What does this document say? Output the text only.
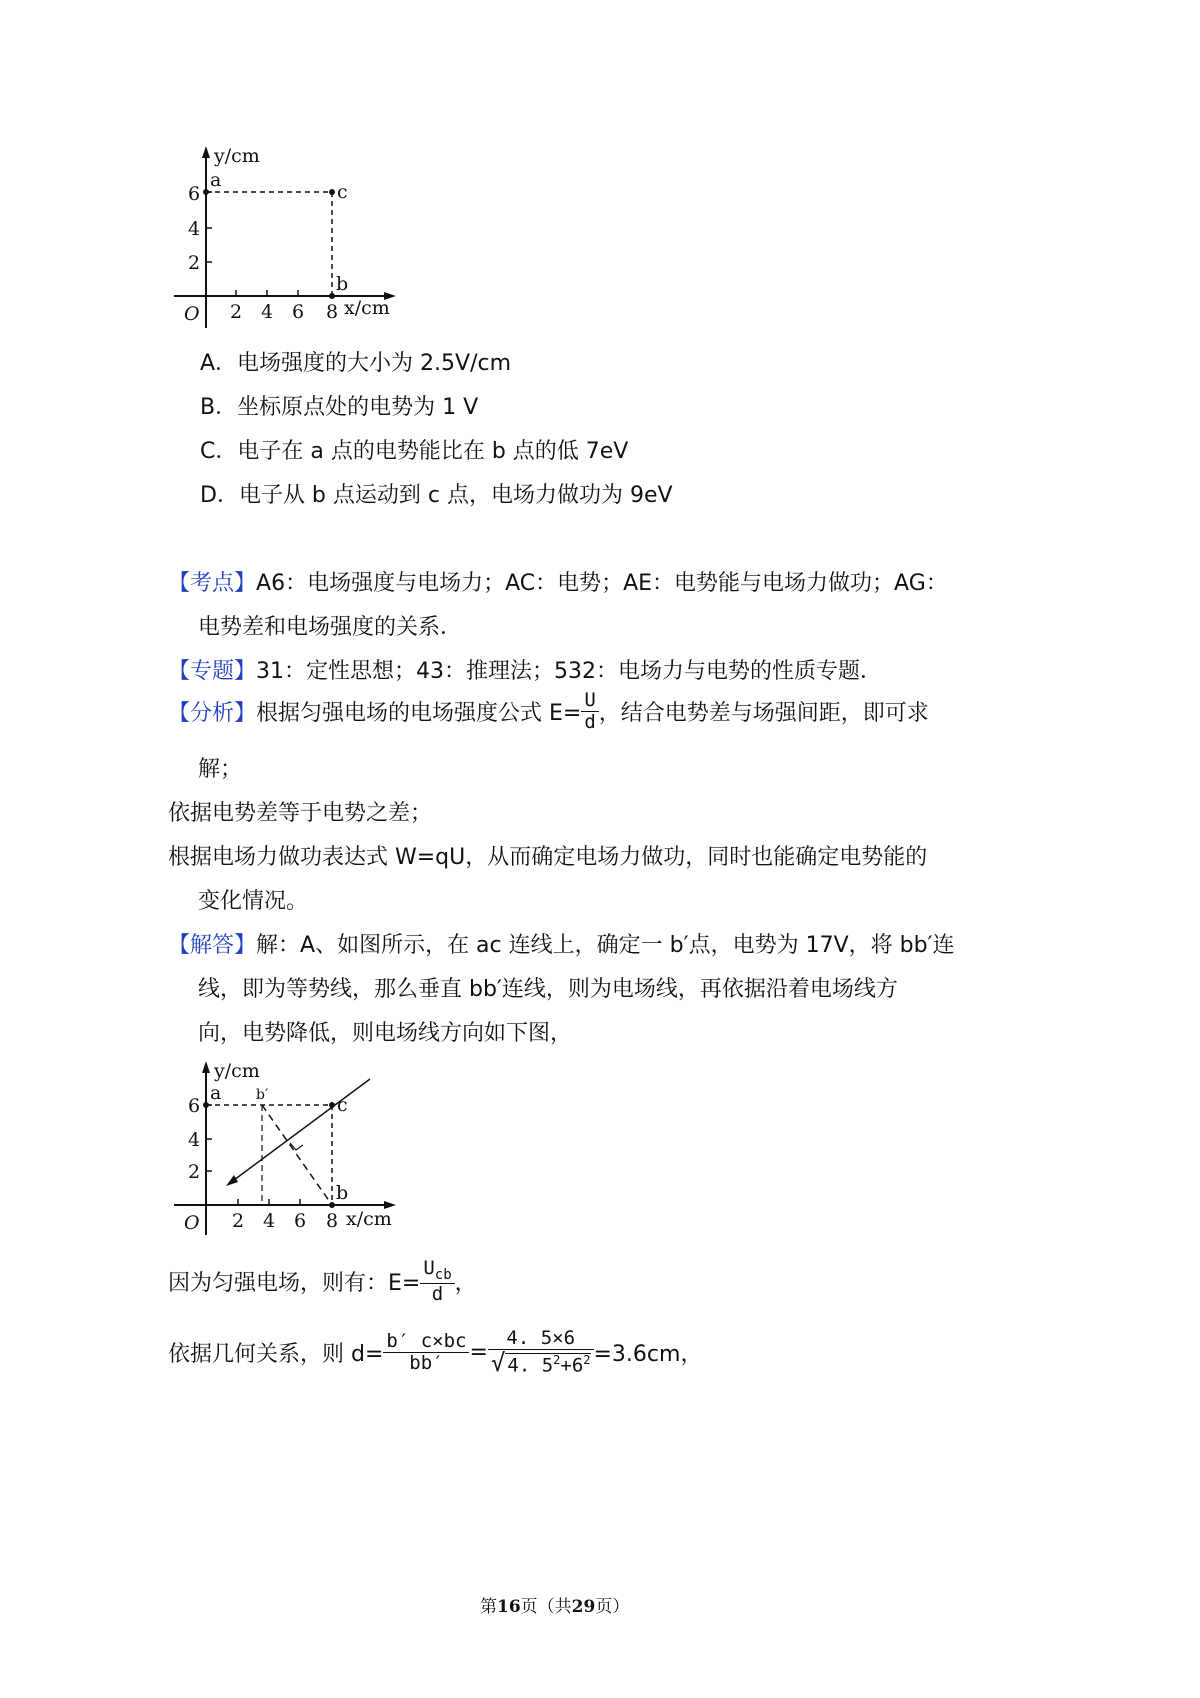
y/cm
x/cm
O
2
4
6
2 4 6 8
a
c
b
A．电场强度的大小为 2.5V/cm
B．坐标原点处的电势为 1 V
C．电子在 a 点的电势能比在 b 点的低 7eV
D．电子从 b 点运动到 c 点，电场力做功为 9eV
【考点】A6：电场强度与电场力；AC：电势；AE：电势能与电场力做功；AG：
电势差和电场强度的关系．
【专题】31：定性思想；43：推理法；532：电场力与电势的性质专题．
【分析】 根据匀强电场的电场强度公式 $E= \frac{U}{d}$ ，结合电势差与场强间距，即可求
解；
依据电势差等于电势之差；
根据电场力做功表达式 W=qU，从而确定电场力做功，同时也能确定电势能的
变化情况。
【解答】解：A、如图所示，在 ac 连线上，确定一 b′点，电势为 17V，将 bb′连
线，即为等势线，那么垂直 bb′连线，则为电场线，再依据沿着电场线方
向，电势降低，则电场线方向如下图，
y/cm
x/cm
O
2
4
6
2 4 6 8
a
c
b
b′
因为匀强电场，则有：$E= \frac{U_{cb}}{d}$ ，
依据几何关系，则 $d= \frac{b' c\times bc}{bb'} = \frac{4. 5\times 6}{√ 4. 5^2+6^2} =3.6cm$，
第16页（共29页）
